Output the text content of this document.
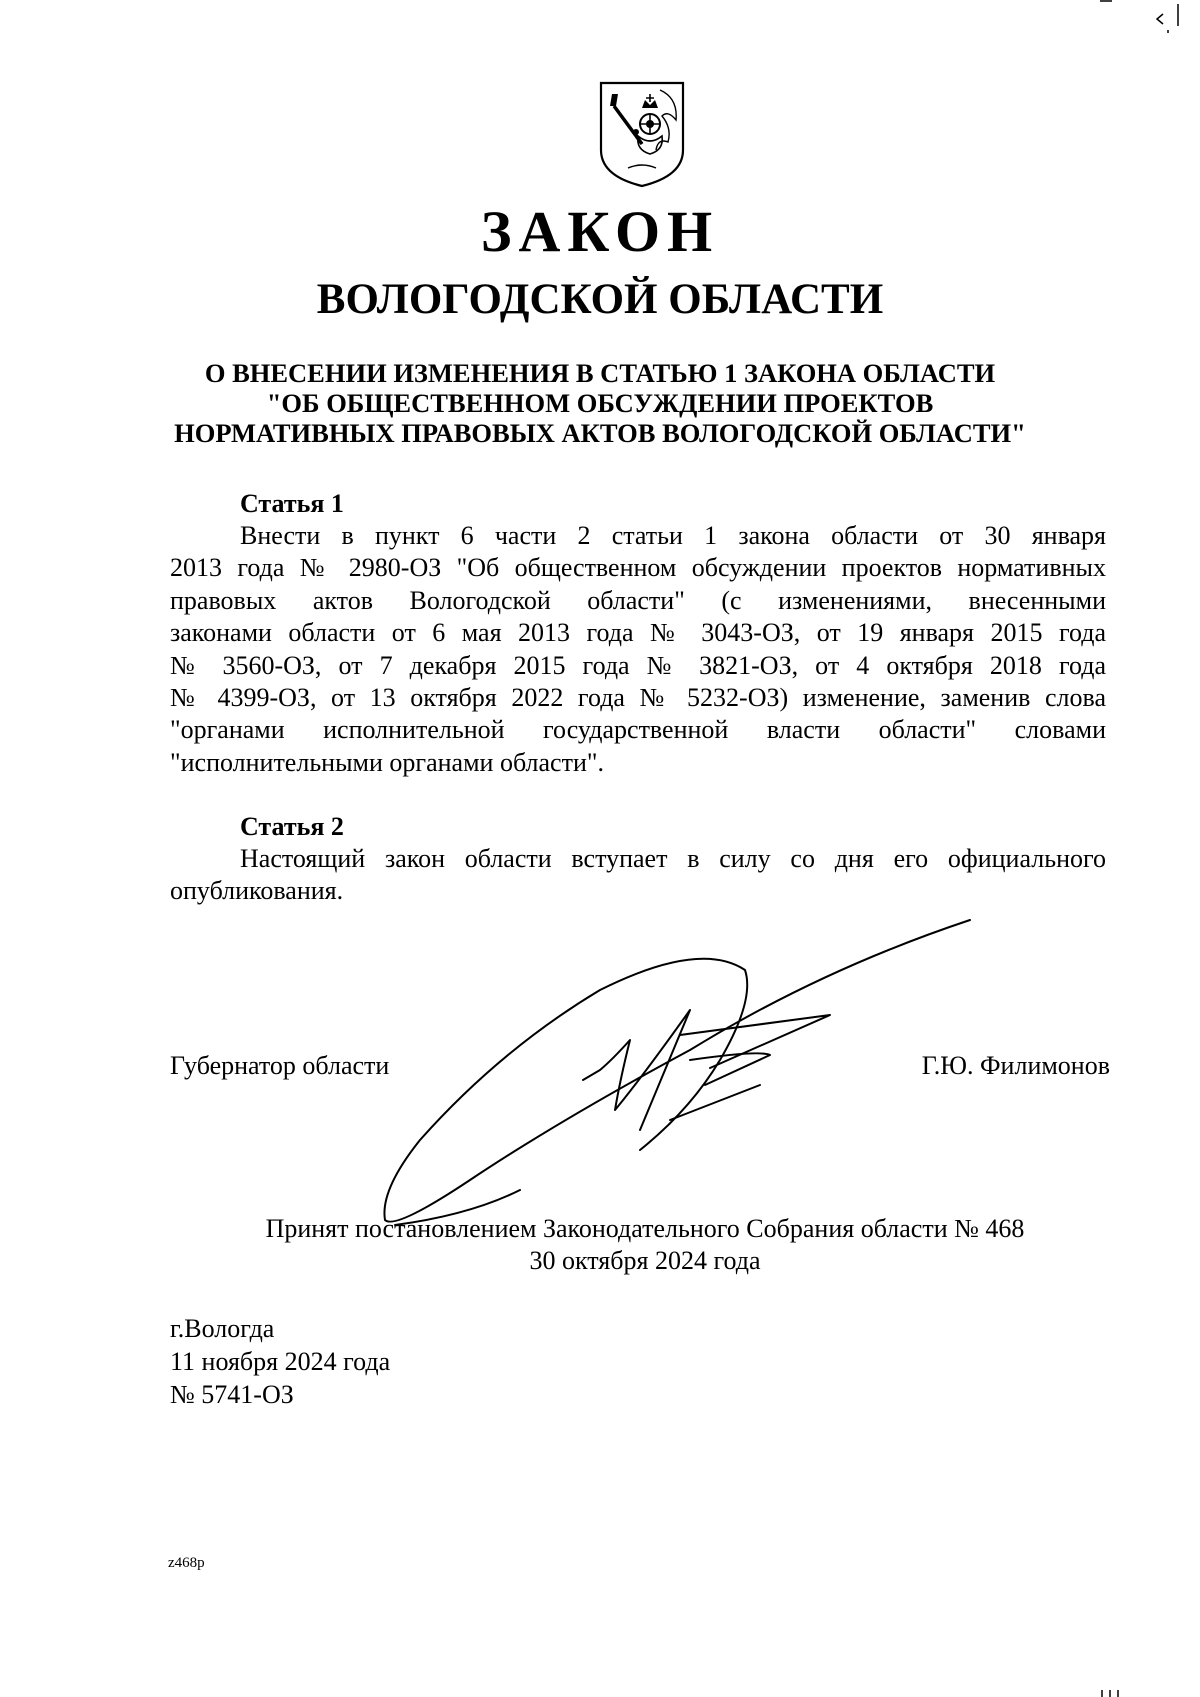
ЗАКОН
ВОЛОГОДСКОЙ ОБЛАСТИ
О ВНЕСЕНИИ ИЗМЕНЕНИЯ В СТАТЬЮ 1 ЗАКОНА ОБЛАСТИ
"ОБ ОБЩЕСТВЕННОМ ОБСУЖДЕНИИ ПРОЕКТОВ
НОРМАТИВНЫХ ПРАВОВЫХ АКТОВ ВОЛОГОДСКОЙ ОБЛАСТИ"
Статья 1
Внести в пункт 6 части 2 статьи 1 закона области от 30 января
2013 года № 2980-ОЗ "Об общественном обсуждении проектов нормативных
правовых актов Вологодской области" (с изменениями, внесенными
законами области от 6 мая 2013 года № 3043-ОЗ, от 19 января 2015 года
№ 3560-ОЗ, от 7 декабря 2015 года № 3821-ОЗ, от 4 октября 2018 года
№ 4399-ОЗ, от 13 октября 2022 года № 5232-ОЗ) изменение, заменив слова
"органами исполнительной государственной власти области" словами
"исполнительными органами области".
Статья 2
Настоящий закон области вступает в силу со дня его официального
опубликования.
Губернатор области	Г.Ю. Филимонов
Принят постановлением Законодательного Собрания области № 468
30 октября 2024 года
г.Вологда
11 ноября 2024 года
№ 5741-ОЗ
z468p
